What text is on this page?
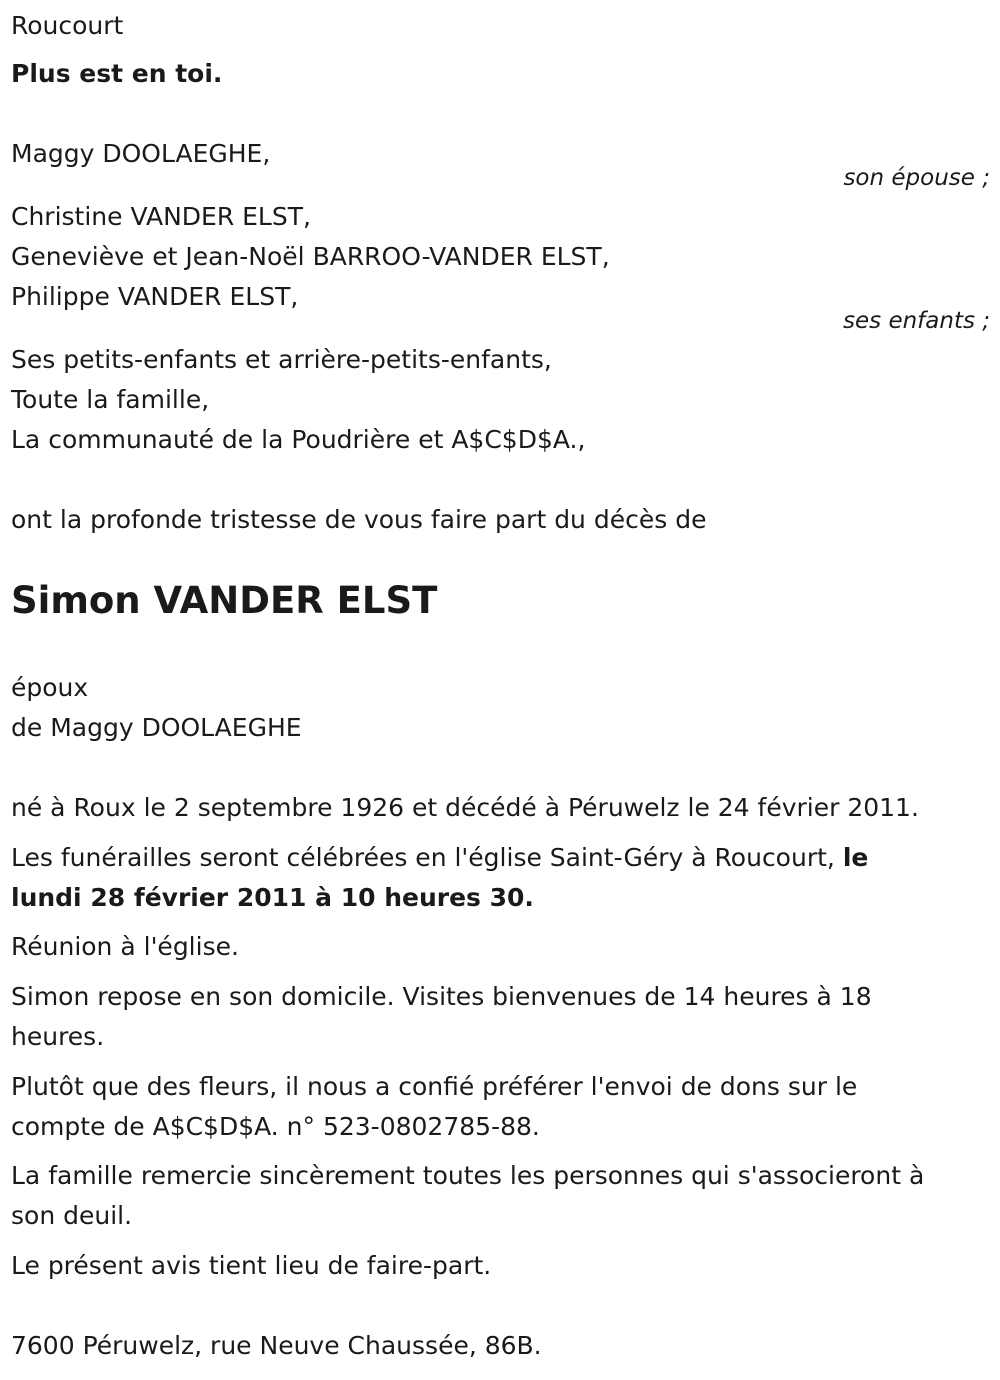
Roucourt

Plus est en toi.

Maggy DOOLAEGHE,

son épouse ;

Christine VANDER ELST,

Geneviève et Jean-Noël BARROO-VANDER ELST,

Philippe VANDER ELST,

ses enfants ;

Ses petits-enfants et arrière-petits-enfants,

Toute la famille,

La communauté de la Poudrière et A$C$D$A.,

ont la profonde tristesse de vous faire part du décès de

Simon VANDER ELST

époux

de Maggy DOOLAEGHE

né à Roux le 2 septembre 1926 et décédé à Péruwelz le 24 février 2011.

Les funérailles seront célébrées en l'église Saint-Géry à Roucourt, le

lundi 28 février 2011 à 10 heures 30.

Réunion à l'église.

Simon repose en son domicile. Visites bienvenues de 14 heures à 18

heures.

Plutôt que des fleurs, il nous a confié préférer l'envoi de dons sur le

compte de A$C$D$A. n° 523-0802785-88.

La famille remercie sincèrement toutes les personnes qui s'associeront à

son deuil.

Le présent avis tient lieu de faire-part.

7600 Péruwelz, rue Neuve Chaussée, 86B.
